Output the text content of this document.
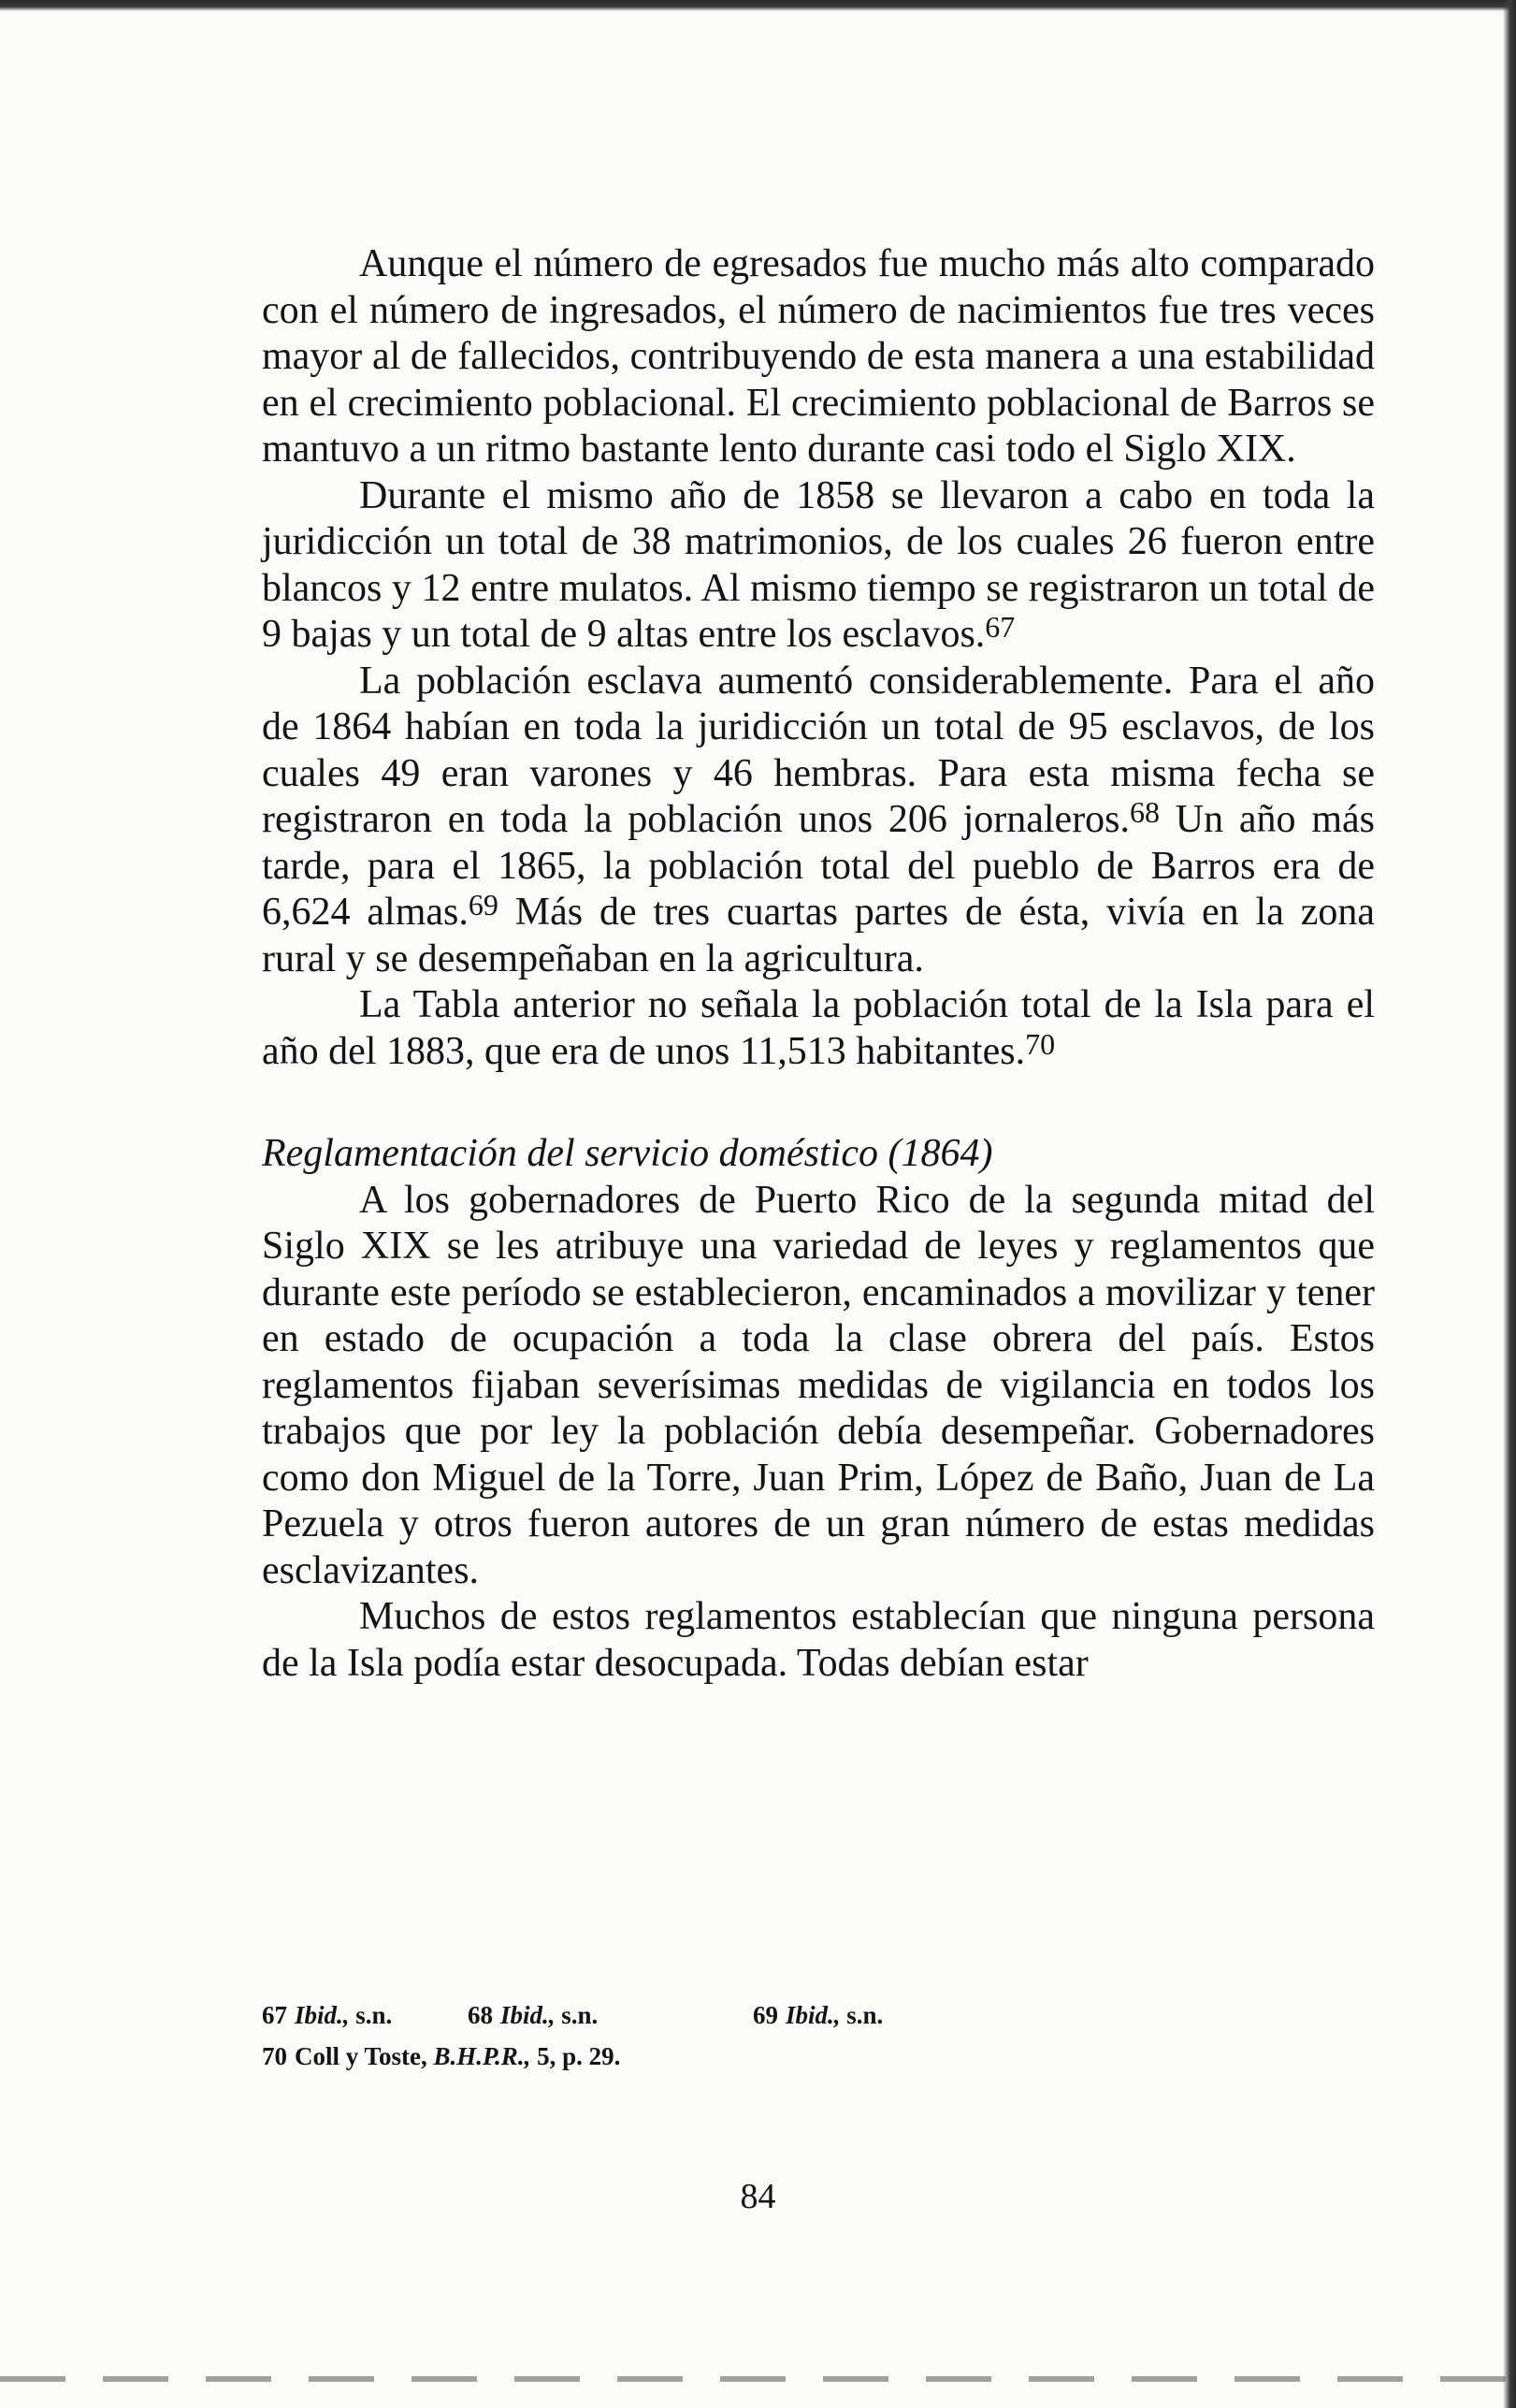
Aunque el número de egresados fue mucho más alto comparado con el número de ingresados, el número de nacimientos fue tres veces mayor al de fallecidos, contribuyendo de esta manera a una estabilidad en el crecimiento poblacional. El crecimiento poblacional de Barros se mantuvo a un ritmo bastante lento durante casi todo el Siglo XIX.

Durante el mismo año de 1858 se llevaron a cabo en toda la juridicción un total de 38 matrimonios, de los cuales 26 fueron entre blancos y 12 entre mulatos. Al mismo tiempo se registraron un total de 9 bajas y un total de 9 altas entre los esclavos.$^{67}$

La población esclava aumentó considerablemente. Para el año de 1864 habían en toda la juridicción un total de 95 esclavos, de los cuales 49 eran varones y 46 hembras. Para esta misma fecha se registraron en toda la población unos 206 jornaleros.$^{68}$ Un año más tarde, para el 1865, la población total del pueblo de Barros era de 6,624 almas.$^{69}$ Más de tres cuartas partes de ésta, vivía en la zona rural y se desempeñaban en la agricultura.

La Tabla anterior no señala la población total de la Isla para el año del 1883, que era de unos 11,513 habitantes.$^{70}$

Reglamentación del servicio doméstico (1864)

A los gobernadores de Puerto Rico de la segunda mitad del Siglo XIX se les atribuye una variedad de leyes y reglamentos que durante este período se establecieron, encaminados a movilizar y tener en estado de ocupación a toda la clase obrera del país. Estos reglamentos fijaban severísimas medidas de vigilancia en todos los trabajos que por ley la población debía desempeñar. Gobernadores como don Miguel de la Torre, Juan Prim, López de Baño, Juan de La Pezuela y otros fueron autores de un gran número de estas medidas esclavizantes.

Muchos de estos reglamentos establecían que ninguna persona de la Isla podía estar desocupada. Todas debían estar

67 Ibid., s.n.	68 Ibid., s.n.	69 Ibid., s.n.
70 Coll y Toste, B.H.P.R., 5, p. 29.
84
